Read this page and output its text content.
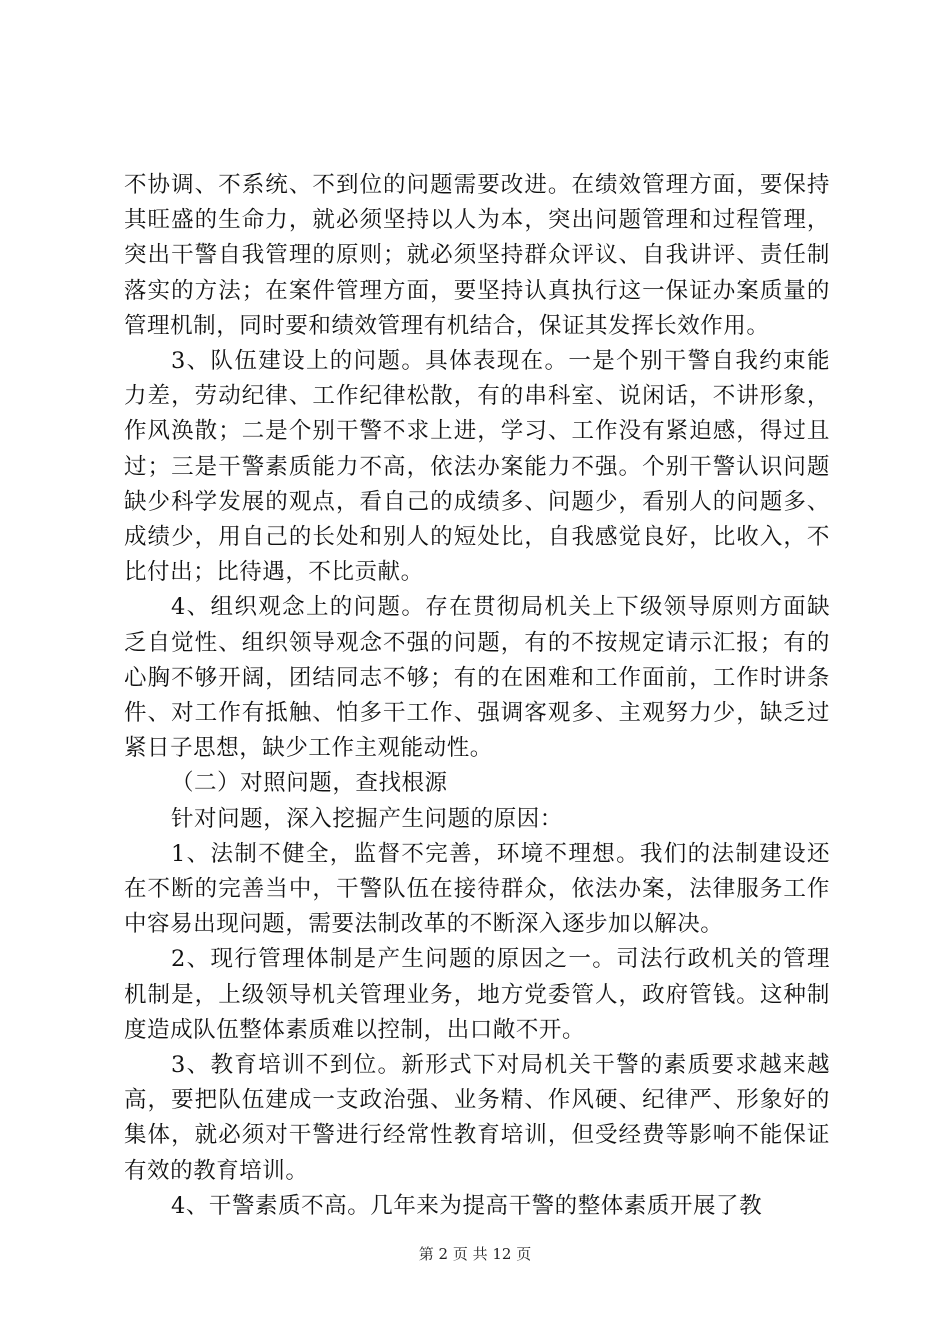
不协调、不系统、不到位的问题需要改进。在绩效管理方面，要保持其旺盛的生命力，就必须坚持以人为本，突出问题管理和过程管理，突出干警自我管理的原则；就必须坚持群众评议、自我讲评、责任制落实的方法；在案件管理方面，要坚持认真执行这一保证办案质量的管理机制，同时要和绩效管理有机结合，保证其发挥长效作用。

3、队伍建设上的问题。具体表现在。一是个别干警自我约束能力差，劳动纪律、工作纪律松散，有的串科室、说闲话，不讲形象，作风涣散；二是个别干警不求上进，学习、工作没有紧迫感，得过且过；三是干警素质能力不高，依法办案能力不强。个别干警认识问题缺少科学发展的观点，看自己的成绩多、问题少，看别人的问题多、成绩少，用自己的长处和别人的短处比，自我感觉良好，比收入，不比付出；比待遇，不比贡献。

4、组织观念上的问题。存在贯彻局机关上下级领导原则方面缺乏自觉性、组织领导观念不强的问题，有的不按规定请示汇报；有的心胸不够开阔，团结同志不够；有的在困难和工作面前，工作时讲条件、对工作有抵触、怕多干工作、强调客观多、主观努力少，缺乏过紧日子思想，缺少工作主观能动性。

（二）对照问题，查找根源

针对问题，深入挖掘产生问题的原因：

1、法制不健全，监督不完善，环境不理想。我们的法制建设还在不断的完善当中，干警队伍在接待群众，依法办案，法律服务工作中容易出现问题，需要法制改革的不断深入逐步加以解决。

2、现行管理体制是产生问题的原因之一。司法行政机关的管理机制是，上级领导机关管理业务，地方党委管人，政府管钱。这种制度造成队伍整体素质难以控制，出口敞不开。

3、教育培训不到位。新形式下对局机关干警的素质要求越来越高，要把队伍建成一支政治强、业务精、作风硬、纪律严、形象好的集体，就必须对干警进行经常性教育培训，但受经费等影响不能保证有效的教育培训。

4、干警素质不高。几年来为提高干警的整体素质开展了教

第 2 页 共 12 页
